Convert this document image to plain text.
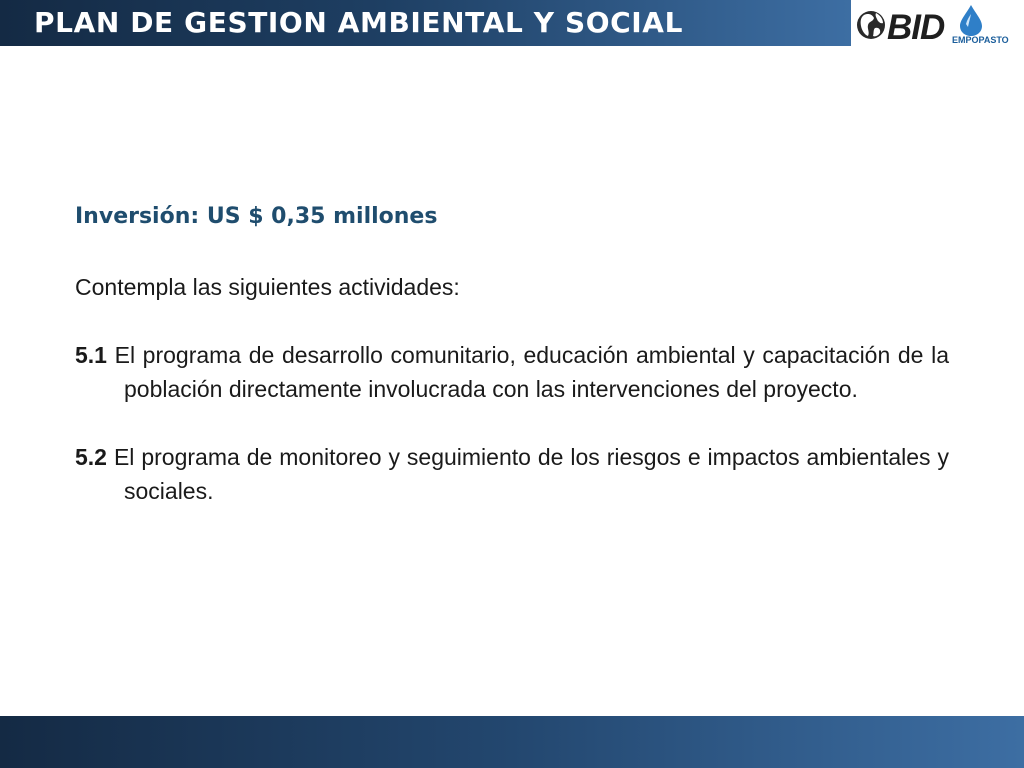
PLAN DE GESTION AMBIENTAL Y SOCIAL	BID EMPOPASTO

Inversión: US $ 0,35 millones

Contempla las siguientes actividades:

5.1 El programa de desarrollo comunitario, educación ambiental y capacitación de la población directamente involucrada con las intervenciones del proyecto.

5.2 El programa de monitoreo y seguimiento de los riesgos e impactos ambientales y sociales.
